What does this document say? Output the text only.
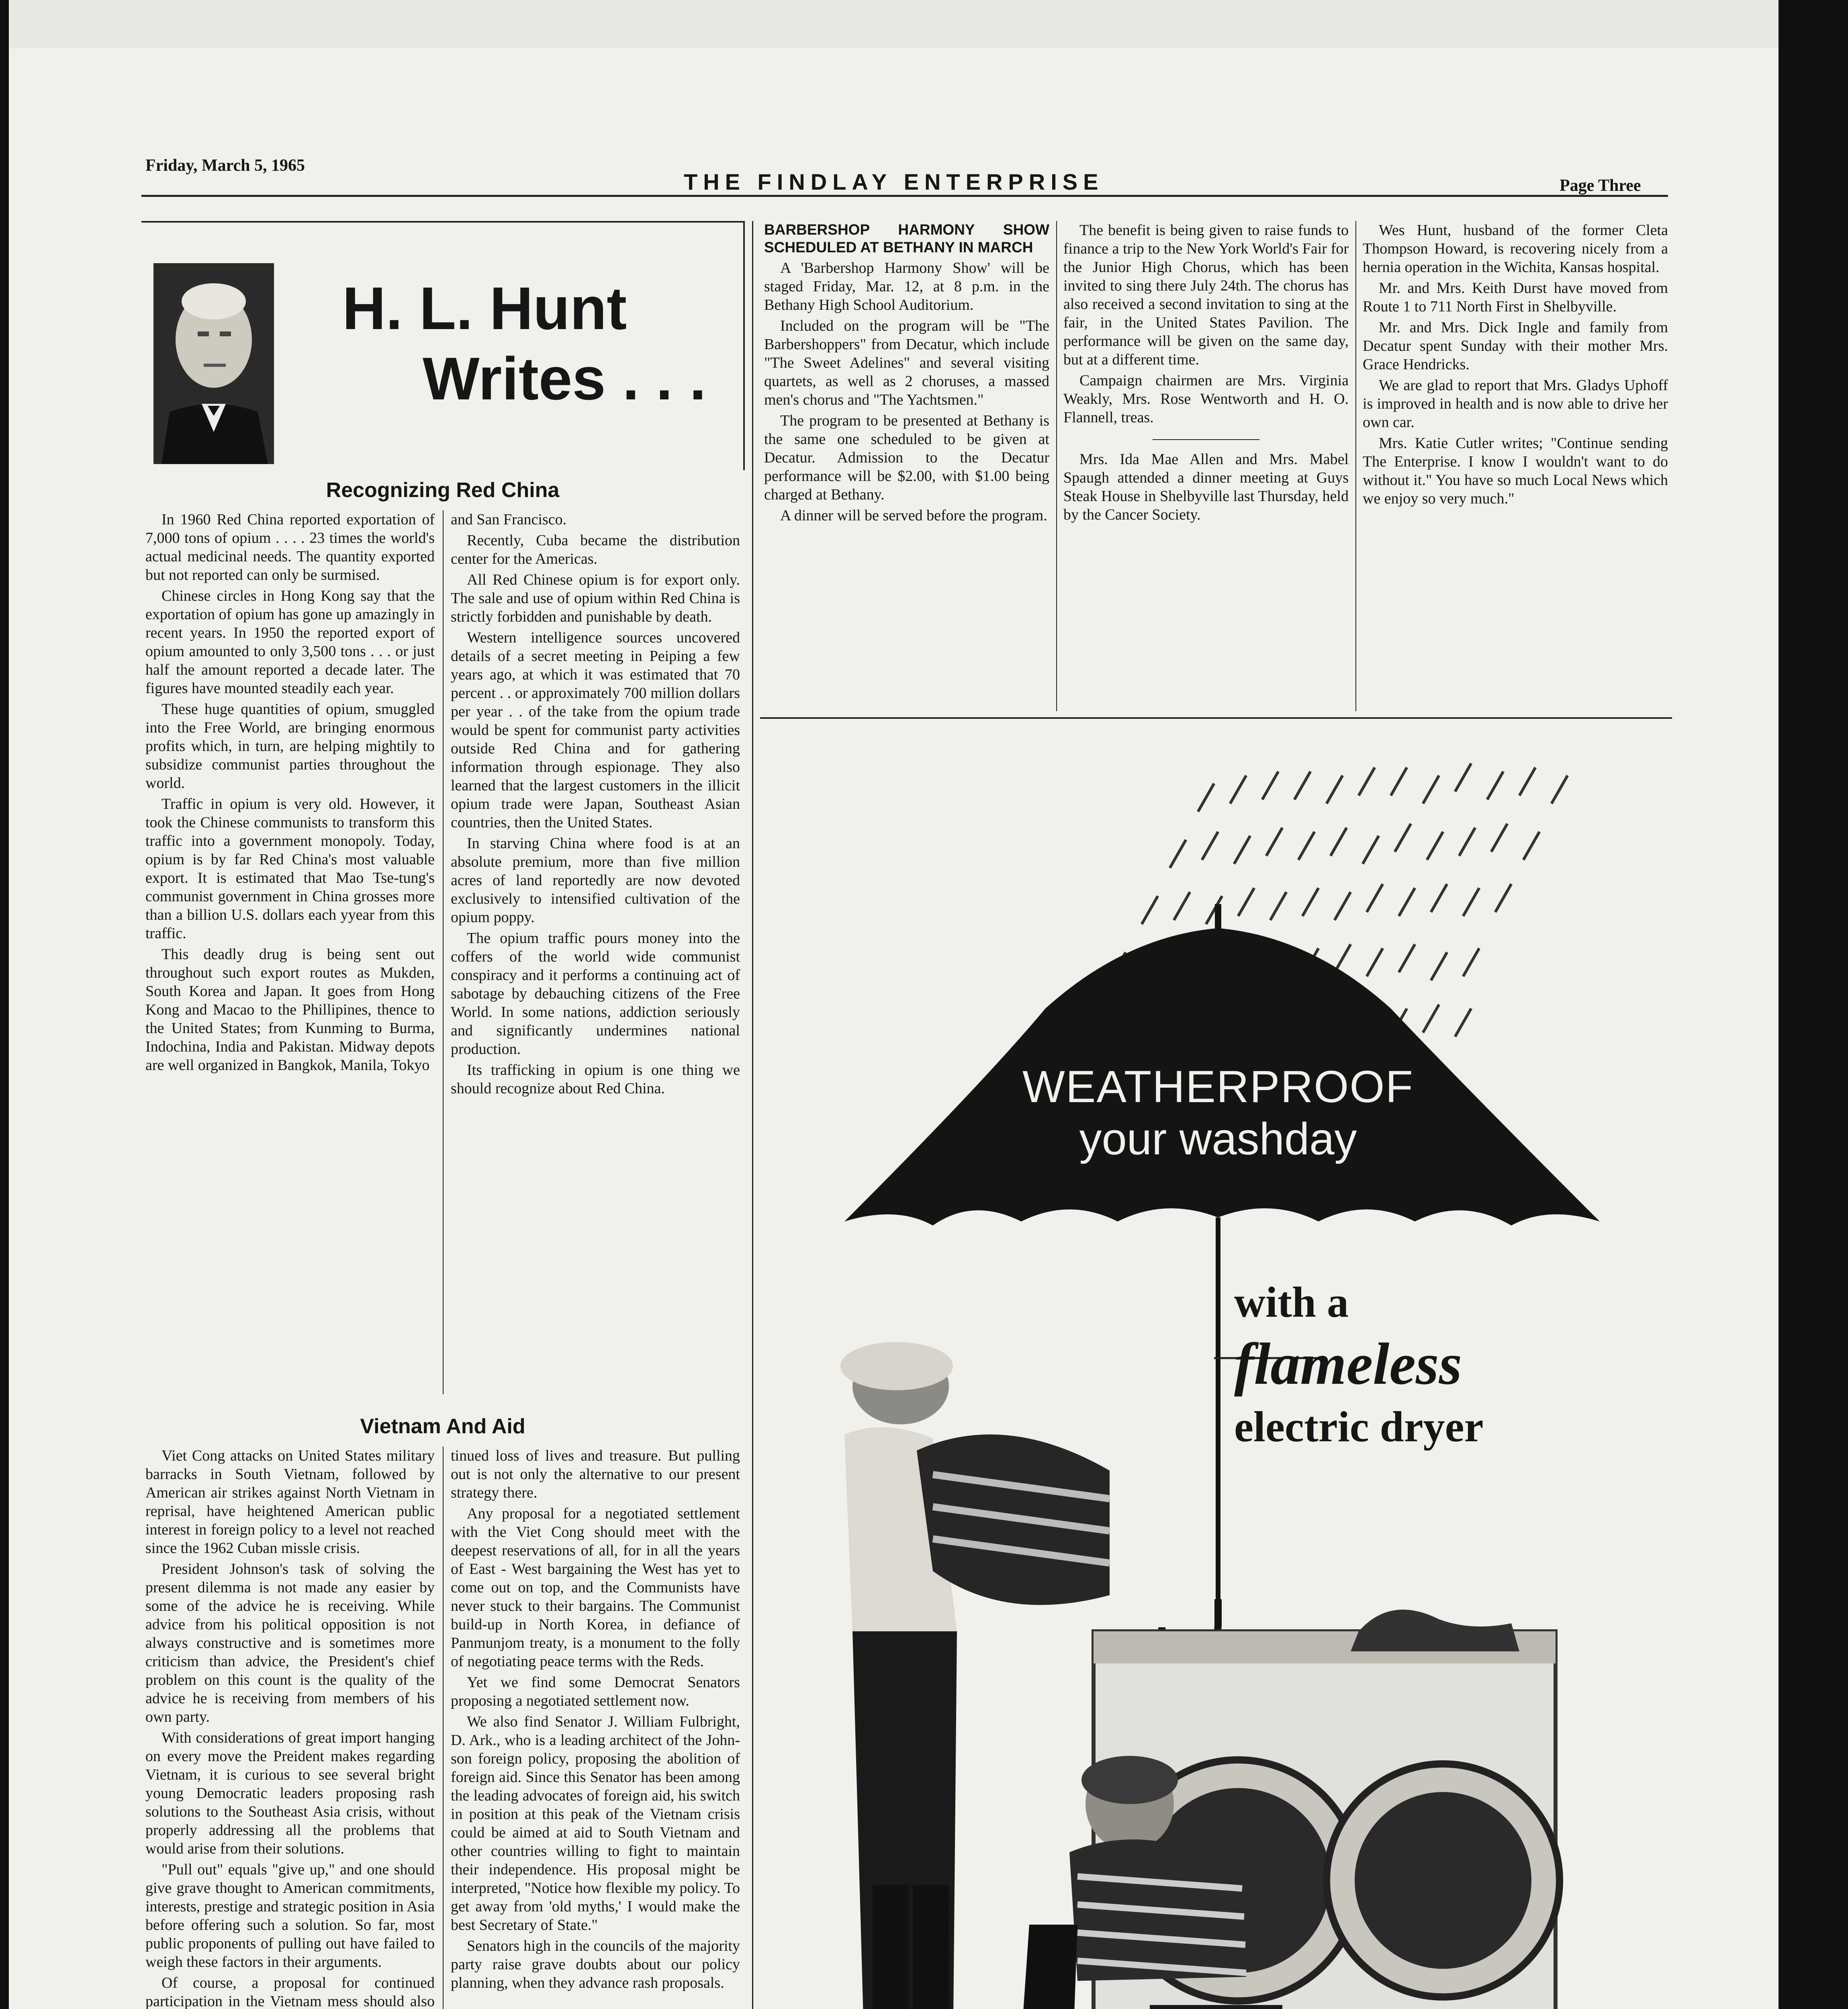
Friday, March 5, 1965
THE FINDLAY ENTERPRISE	Page Three
H. L. Hunt
Writes . . .
Recognizing Red China

In 1960 Red China reported exportation of 7,000 tons of opium . . . . 23 times the world's actual medicinal needs. The quantity exported but not reported can only be surmised.

Chinese circles in Hong Kong say that the exportation of opium has gone up amazingly in recent years. In 1950 the reported export of opium amounted to only 3,500 tons . . . or just half the amount reported a decade later. The figures have mounted steadily each year.

These huge quantities of opium, smuggled into the Free World, are bringing enormous profits which, in turn, are helping mightily to subsidize communist parties throughout the world.

Traffic in opium is very old. However, it took the Chinese communists to transform this traffic into a government monopoly. Today, opium is by far Red China's most valuable export. It is estimated that Mao Tse-tung's communist government in China grosses more than a billion U.S. dollars each yyear from this traffic.

This deadly drug is being sent out throughout such export routes as Mukden, South Korea and Japan. It goes from Hong Kong and Macao to the Phillipines, thence to the United States; from Kunming to Burma, Indochina, India and Pakistan. Midway depots are well organized in Bangkok, Manila, Tokyo

and San Francisco.

Recently, Cuba became the distribution center for the Americas.

All Red Chinese opium is for export only. The sale and use of opium within Red China is strictly forbidden and punishable by death.

Western intelligence sources uncovered details of a secret meeting in Peiping a few years ago, at which it was estimated that 70 percent . . or approximately 700 million dollars per year . . of the take from the opium trade would be spent for communist party activities outside Red China and for gathering information through espionage. They also learned that the largest customers in the illicit opium trade were Japan, Southeast Asian countries, then the United States.

In starving China where food is at an absolute premium, more than five million acres of land reportedly are now devoted exclusively to intensified cultivation of the opium poppy.

The opium traffic pours money into the coffers of the world wide communist conspiracy and it performs a continuing act of sabotage by debauching citizens of the Free World. In some nations, addiction seriously and significantly undermines national production.

Its trafficking in opium is one thing we should recognize about Red China.

Vietnam And Aid

Viet Cong attacks on United States military barracks in South Vietnam, followed by American air strikes against North Vietnam in reprisal, have heightened American public interest in foreign policy to a level not reached since the 1962 Cuban missle crisis.

President Johnson's task of solving the present dilemma is not made any easier by some of the advice he is receiving. While advice from his political opposition is not always constructive and is sometimes more criticism than advice, the President's chief problem on this count is the quality of the advice he is receiving from members of his own party.

With considerations of great import hanging on every move the Preident makes regarding Vietnam, it is curious to see several bright young Democratic leaders proposing rash solutions to the Southeast Asia crisis, without properly addressing all the problems that would arise from their solutions.

"Pull out" equals "give up," and one should give grave thought to American commitments, interests, prestige and strategic position in Asia before offering such a solution. So far, most public proponents of pulling out have failed to weigh these factors in their arguments.

Of course, a proposal for continued participation in the Vietnam mess should also

tinued loss of lives and treasure. But pulling out is not only the alternative to our present strategy there.

Any proposal for a negotiated settlement with the Viet Cong should meet with the deepest reservations of all, for in all the years of East - West bargaining the West has yet to come out on top, and the Communists have never stuck to their bargains. The Communist build-up in North Korea, in defiance of Panmunjom treaty, is a monument to the folly of negotiating peace terms with the Reds.

Yet we find some Democrat Senators proposing a negotiated settlement now.

We also find Senator J. William Fulbright, D. Ark., who is a leading architect of the John-son foreign policy, proposing the abolition of foreign aid. Since this Senator has been among the leading advocates of foreign aid, his switch in position at this peak of the Vietnam crisis could be aimed at aid to South Vietnam and other countries willing to fight to maintain their independence. His proposal might be interpreted, "Notice how flexible my policy. To get away from 'old myths,' I would make the best Secretary of State."

Senators high in the councils of the majority party raise grave doubts about our policy planning, when they advance rash proposals.

BARBERSHOP HARMONY SHOW SCHEDULED AT BETHANY IN MARCH

A 'Barbershop Harmony Show' will be staged Friday, Mar. 12, at 8 p.m. in the Bethany High School Auditorium.

Included on the program will be "The Barbershoppers" from Decatur, which include "The Sweet Adelines" and several visiting quartets, as well as 2 choruses, a massed men's chorus and "The Yachtsmen."

The program to be presented at Bethany is the same one scheduled to be given at Decatur. Admission to the Decatur performance will be $2.00, with $1.00 being charged at Bethany.

A dinner will be served before the program.

The benefit is being given to raise funds to finance a trip to the New York World's Fair for the Junior High Chorus, which has been invited to sing there July 24th. The chorus has also received a second invitation to sing at the fair, in the United States Pavilion. The performance will be given on the same day, but at a different time.

Campaign chairmen are Mrs. Virginia Weakly, Mrs. Rose Wentworth and H. O. Flannell, treas.

———————

Mrs. Ida Mae Allen and Mrs. Mabel Spaugh attended a dinner meeting at Guys Steak House in Shelbyville last Thursday, held by the Cancer Society.

Wes Hunt, husband of the former Cleta Thompson Howard, is recovering nicely from a hernia operation in the Wichita, Kansas hospital.

Mr. and Mrs. Keith Durst have moved from Route 1 to 711 North First in Shelbyville.

Mr. and Mrs. Dick Ingle and family from Decatur spent Sunday with their mother Mrs. Grace Hendricks.

We are glad to report that Mrs. Gladys Uphoff is improved in health and is now able to drive her own car.

Mrs. Katie Cutler writes; "Continue sending The Enterprise. I know I wouldn't want to do without it." You have so much Local News which we enjoy so very much."

WEATHERPROOF
your washday
with a
flameless
electric dryer
